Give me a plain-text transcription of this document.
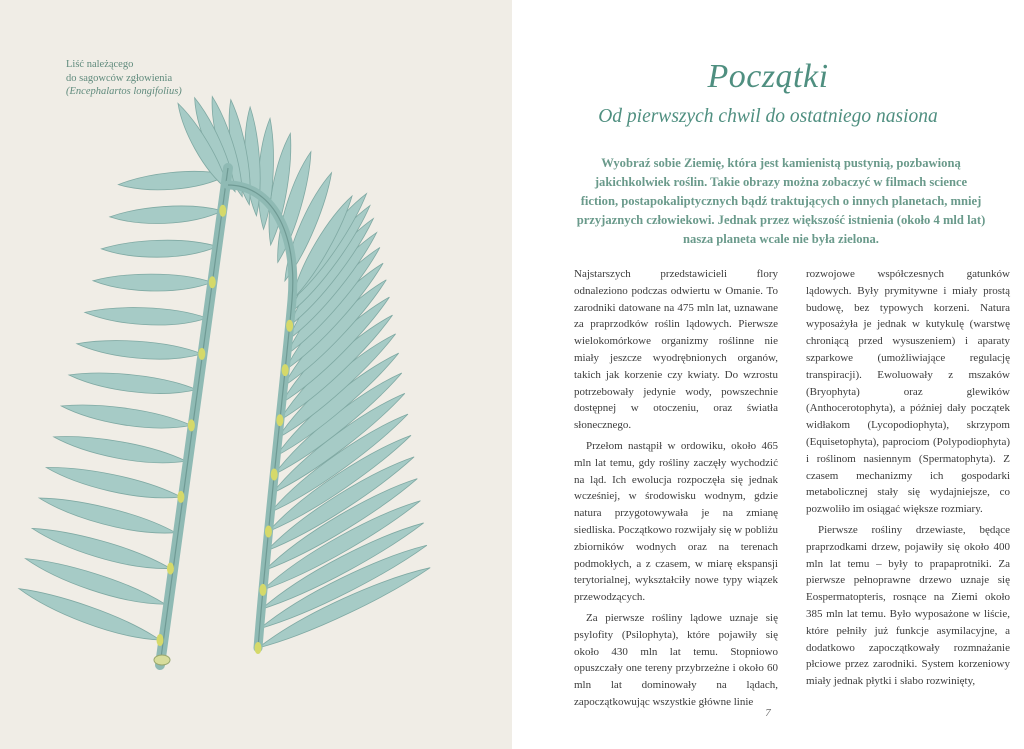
Liść należącego
do sagowców zgłowienia
(Encephalartos longifolius)	Początki
Od pierwszych chwil do ostatniego nasiona
Wyobraź sobie Ziemię, która jest kamienistą pustynią, pozbawioną jakichkolwiek roślin. Takie obrazy można zobaczyć w filmach science fiction, postapokaliptycznych bądź traktujących o innych planetach, mniej przyjaznych człowiekowi. Jednak przez większość istnienia (około 4 mld lat) nasza planeta wcale nie była zielona.

Najstarszych przedstawicieli flory odnaleziono podczas odwiertu w Omanie. To zarodniki datowane na 475 mln lat, uznawane za praprzodków roślin lądowych. Pierwsze wielokomórkowe organizmy roślinne nie miały jeszcze wyodrębnionych organów, takich jak korzenie czy kwiaty. Do wzrostu potrzebowały jedynie wody, powszechnie dostępnej w otoczeniu, oraz światła słonecznego.

Przełom nastąpił w ordowiku, około 465 mln lat temu, gdy rośliny zaczęły wychodzić na ląd. Ich ewolucja rozpoczęła się jednak wcześniej, w środowisku wodnym, gdzie natura przygotowywała je na zmianę siedliska. Początkowo rozwijały się w pobliżu zbiorników wodnych oraz na terenach podmokłych, a z czasem, w miarę ekspansji terytorialnej, wykształciły nowe typy wiązek przewodzących.

Za pierwsze rośliny lądowe uznaje się psylofity (Psilophyta), które pojawiły się około 430 mln lat temu. Stopniowo opuszczały one tereny przybrzeżne i około 60 mln lat dominowały na lądach, zapoczątkowując wszystkie główne linie

rozwojowe współczesnych gatunków lądowych. Były prymitywne i miały prostą budowę, bez typowych korzeni. Natura wyposażyła je jednak w kutykulę (warstwę chroniącą przed wysuszeniem) i aparaty szparkowe (umożliwiające regulację transpiracji). Ewoluowały z mszaków (Bryophyta) oraz glewików (Anthocerotophyta), a później dały początek widłakom (Lycopodiophyta), skrzypom (Equisetophyta), paprociom (Polypodiophyta) i roślinom nasiennym (Spermatophyta). Z czasem mechanizmy ich gospodarki metabolicznej stały się wydajniejsze, co pozwoliło im osiągać większe rozmiary.

Pierwsze rośliny drzewiaste, będące praprzodkami drzew, pojawiły się około 400 mln lat temu – były to prapaprotniki. Za pierwsze pełnoprawne drzewo uznaje się Eospermatopteris, rosnące na Ziemi około 385 mln lat temu. Było wyposażone w liście, które pełniły już funkcje asymilacyjne, a dodatkowo zapoczątkowały rozmnażanie płciowe przez zarodniki. System korzeniowy miały jednak płytki i słabo rozwinięty,

7
